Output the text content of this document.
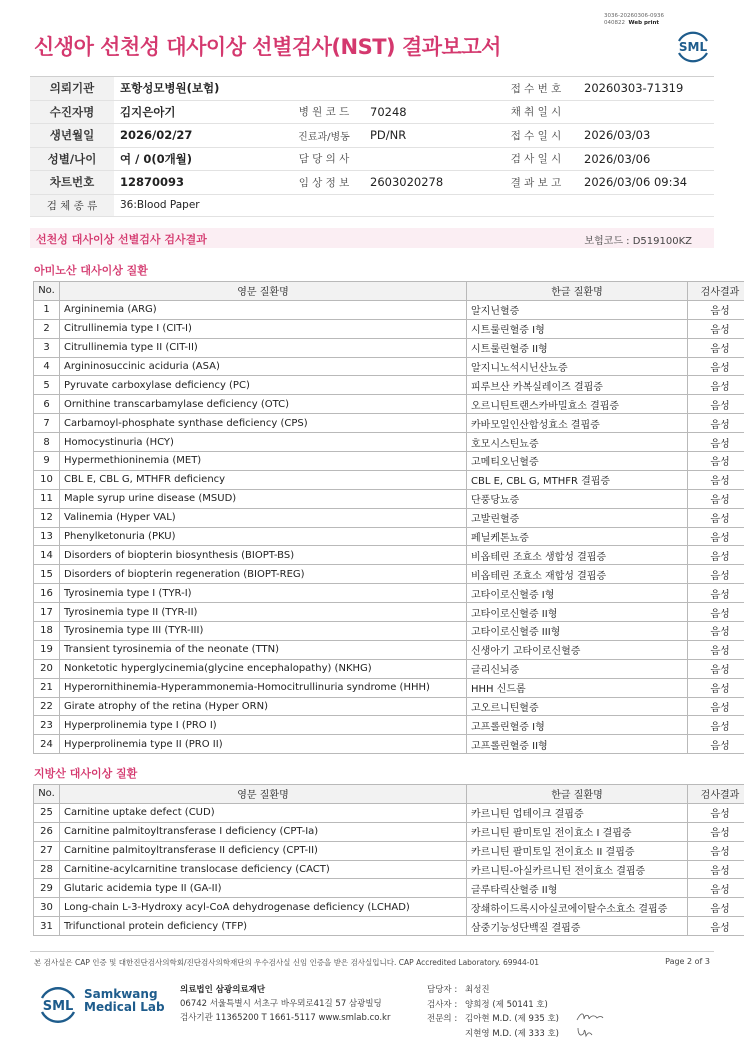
3036-20260306-0936
040822 Web print
신생아 선천성 대사이상 선별검사(NST) 결과보고서	SML
의뢰기관	포항성모병원(보험)			접 수 번 호	20260303-71319
수진자명	김지은아기	병 원 코 드	70248	채 취 일 시	
생년월일	2026/02/27	진료과/병동	PD/NR	접 수 일 시	2026/03/03
성별/나이	여 / 0(0개월)	담 당 의 사		검 사 일 시	2026/03/06
차트번호	12870093	임 상 정 보	2603020278	결 과 보 고	2026/03/06 09:34
검 체 종 류	36:Blood Paper				
선천성 대사이상 선별검사 검사결과	보험코드 : D519100KZ
아미노산 대사이상 질환
No.	영문 질환명	한글 질환명	검사결과
1	Argininemia (ARG)	알지닌혈증	음성
2	Citrullinemia type I (CIT-I)	시트룰린혈증 I형	음성
3	Citrullinemia type II (CIT-II)	시트룰린혈증 II형	음성
4	Argininosuccinic aciduria (ASA)	알지니노석시닌산뇨증	음성
5	Pyruvate carboxylase deficiency (PC)	피루브산 카복실레이즈 결핍증	음성
6	Ornithine transcarbamylase deficiency (OTC)	오르니틴트랜스카바밀효소 결핍증	음성
7	Carbamoyl-phosphate synthase deficiency (CPS)	카바모일인산합성효소 결핍증	음성
8	Homocystinuria (HCY)	호모시스틴뇨증	음성
9	Hypermethioninemia (MET)	고메티오닌혈증	음성
10	CBL E, CBL G, MTHFR deficiency	CBL E, CBL G, MTHFR 결핍증	음성
11	Maple syrup urine disease (MSUD)	단풍당뇨증	음성
12	Valinemia (Hyper VAL)	고발린혈증	음성
13	Phenylketonuria (PKU)	페닐케톤뇨증	음성
14	Disorders of biopterin biosynthesis (BIOPT-BS)	비옵테린 조효소 생합성 결핍증	음성
15	Disorders of biopterin regeneration (BIOPT-REG)	비옵테린 조효소 재합성 결핍증	음성
16	Tyrosinemia type I (TYR-I)	고타이로신혈증 I형	음성
17	Tyrosinemia type II (TYR-II)	고타이로신혈증 II형	음성
18	Tyrosinemia type III (TYR-III)	고타이로신혈증 III형	음성
19	Transient tyrosinemia of the neonate (TTN)	신생아기 고타이로신혈증	음성
20	Nonketotic hyperglycinemia(glycine encephalopathy) (NKHG)	글리신뇌증	음성
21	Hyperornithinemia-Hyperammonemia-Homocitrullinuria syndrome (HHH)	HHH 신드롬	음성
22	Girate atrophy of the retina (Hyper ORN)	고오르니틴혈증	음성
23	Hyperprolinemia type I (PRO I)	고프롤린혈증 I형	음성
24	Hyperprolinemia type II (PRO II)	고프롤린혈증 II형	음성
지방산 대사이상 질환
No.	영문 질환명	한글 질환명	검사결과
25	Carnitine uptake defect (CUD)	카르니틴 업테이크 결핍증	음성
26	Carnitine palmitoyltransferase I deficiency (CPT-Ia)	카르니틴 팔미토일 전이효소 I 결핍증	음성
27	Carnitine palmitoyltransferase II deficiency (CPT-II)	카르니틴 팔미토일 전이효소 II 결핍증	음성
28	Carnitine-acylcarnitine translocase deficiency (CACT)	카르니틴-아실카르니틴 전이효소 결핍증	음성
29	Glutaric acidemia type II (GA-II)	글루타릭산혈증 II형	음성
30	Long-chain L-3-Hydroxy acyl-CoA dehydrogenase deficiency (LCHAD)	장쇄하이드록시아실코에이탈수소효소 결핍증	음성
31	Trifunctional protein deficiency (TFP)	삼중기능성단백질 결핍증	음성
본 검사실은 CAP 인증 및 대한진단검사의학회/진단검사의학재단의 우수검사실 신임 인증을 받은 검사실입니다. CAP Accredited Laboratory. 69944-01	Page 2 of 3
SML
Samkwang
Medical Lab
의료법인 삼광의료재단
06742 서울특별시 서초구 바우뫼로41길 57 삼광빌딩
검사기관 11365200 T 1661-5117 www.smlab.co.kr
담당자 : 최성진
검사자 : 양희정 (제 50141 호)
전문의 : 김아현 M.D. (제 935 호)
지현영 M.D. (제 333 호)
